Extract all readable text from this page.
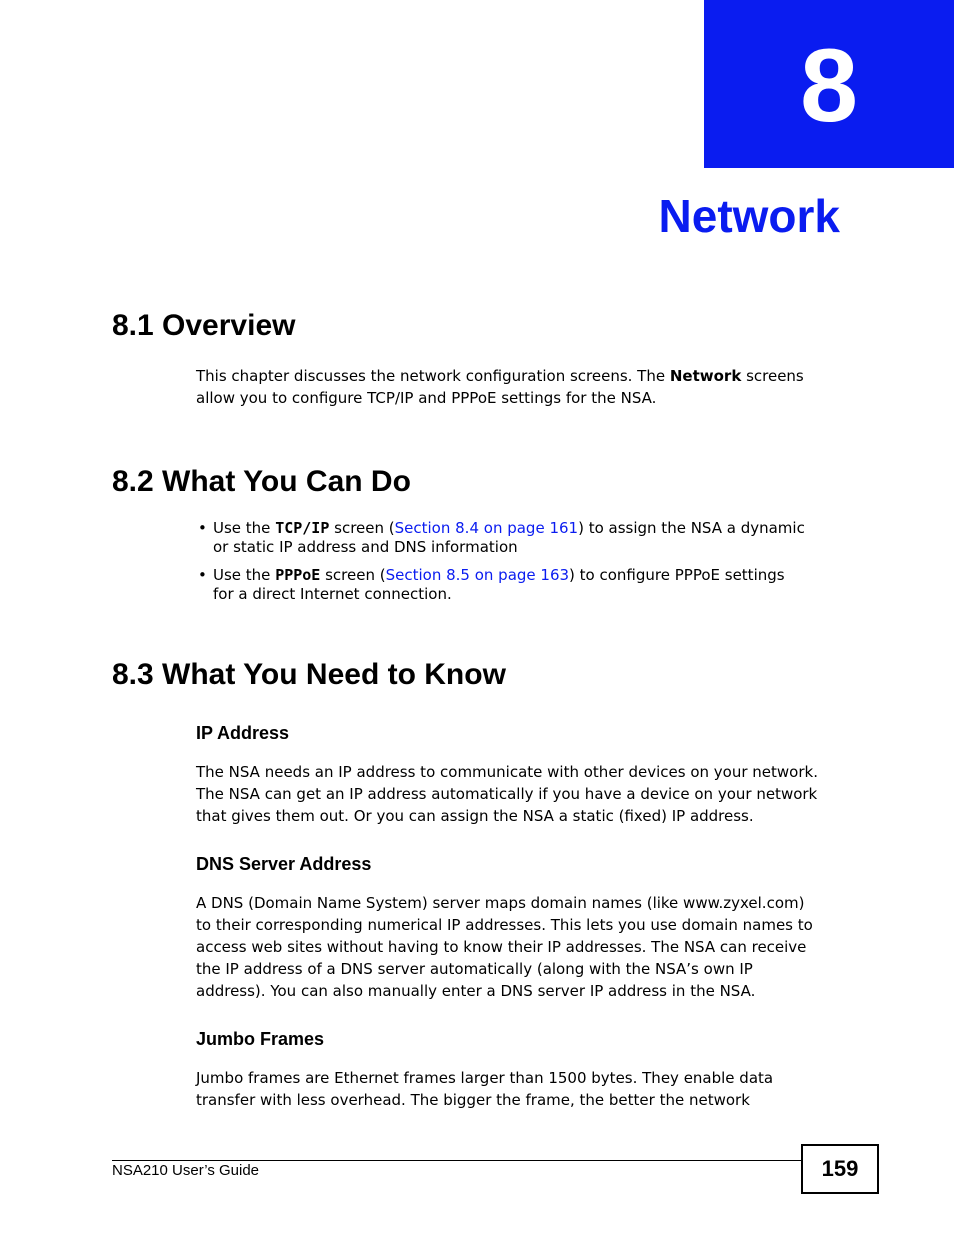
8
Network
8.1 Overview

This chapter discusses the network configuration screens. The Network screens
allow you to configure TCP/IP and PPPoE settings for the NSA.

8.2 What You Can Do
• Use the TCP/IP screen (Section 8.4 on page 161) to assign the NSA a dynamic
or static IP address and DNS information
• Use the PPPoE screen (Section 8.5 on page 163) to configure PPPoE settings
for a direct Internet connection.
8.3 What You Need to Know
IP Address

The NSA needs an IP address to communicate with other devices on your network.
The NSA can get an IP address automatically if you have a device on your network
that gives them out. Or you can assign the NSA a static (fixed) IP address.

DNS Server Address

A DNS (Domain Name System) server maps domain names (like www.zyxel.com)
to their corresponding numerical IP addresses. This lets you use domain names to
access web sites without having to know their IP addresses. The NSA can receive
the IP address of a DNS server automatically (along with the NSA’s own IP
address). You can also manually enter a DNS server IP address in the NSA.

Jumbo Frames

Jumbo frames are Ethernet frames larger than 1500 bytes. They enable data
transfer with less overhead. The bigger the frame, the better the network

NSA210 User’s Guide	159
